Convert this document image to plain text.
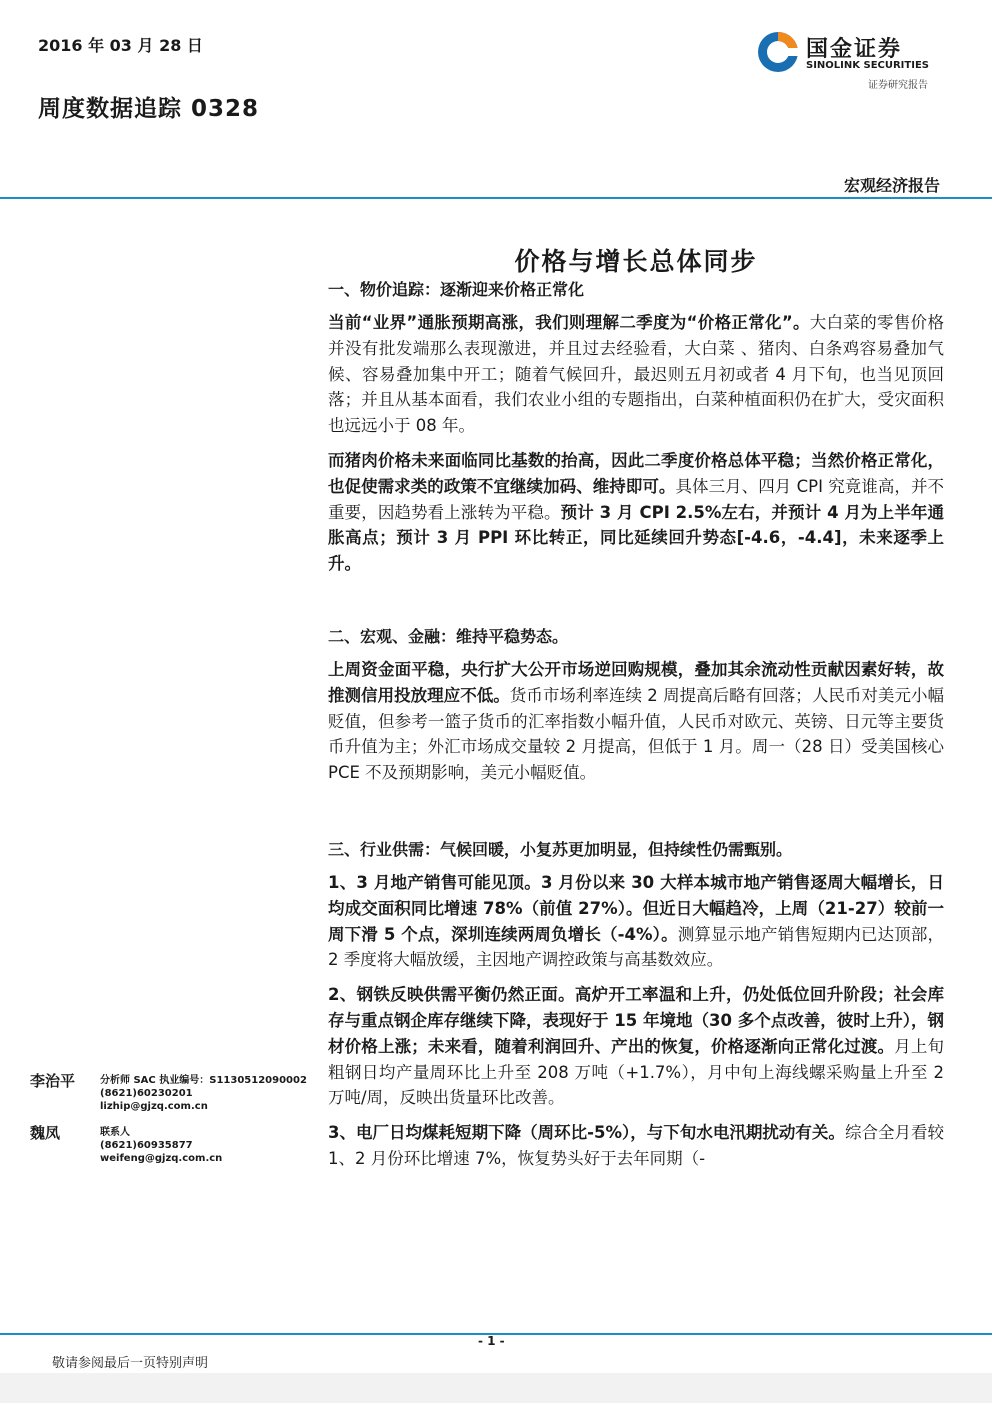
2016 年 03 月 28 日
周度数据追踪 0328
国金证券
SINOLINK SECURITIES
证券研究报告
宏观经济报告
价格与增长总体同步
一、物价追踪：逐渐迎来价格正常化

当前“业界”通胀预期高涨，我们则理解二季度为“价格正常化”。大白菜的零售价格并没有批发端那么表现激进，并且过去经验看，大白菜 、猪肉、白条鸡容易叠加气候、容易叠加集中开工；随着气候回升，最迟则五月初或者 4 月下旬，也当见顶回落；并且从基本面看，我们农业小组的专题指出，白菜种植面积仍在扩大，受灾面积也远远小于 08 年。

而猪肉价格未来面临同比基数的抬高，因此二季度价格总体平稳；当然价格正常化，也促使需求类的政策不宜继续加码、维持即可。具体三月、四月 CPI 究竟谁高，并不重要，因趋势看上涨转为平稳。预计 3 月 CPI 2.5%左右，并预计 4 月为上半年通胀高点；预计 3 月 PPI 环比转正，同比延续回升势态[-4.6，-4.4]，未来逐季上升。

二、宏观、金融：维持平稳势态。

上周资金面平稳，央行扩大公开市场逆回购规模，叠加其余流动性贡献因素好转，故推测信用投放理应不低。货币市场利率连续 2 周提高后略有回落；人民币对美元小幅贬值，但参考一篮子货币的汇率指数小幅升值，人民币对欧元、英镑、日元等主要货币升值为主；外汇市场成交量较 2 月提高，但低于 1 月。周一（28 日）受美国核心 PCE 不及预期影响，美元小幅贬值。

三、行业供需：气候回暖，小复苏更加明显，但持续性仍需甄别。

1、3 月地产销售可能见顶。3 月份以来 30 大样本城市地产销售逐周大幅增长，日均成交面积同比增速 78%（前值 27%）。但近日大幅趋冷，上周（21-27）较前一周下滑 5 个点，深圳连续两周负增长（-4%）。测算显示地产销售短期内已达顶部，2 季度将大幅放缓，主因地产调控政策与高基数效应。

2、钢铁反映供需平衡仍然正面。高炉开工率温和上升，仍处低位回升阶段；社会库存与重点钢企库存继续下降，表现好于 15 年境地（30 多个点改善，彼时上升），钢材价格上涨；未来看，随着利润回升、产出的恢复，价格逐渐向正常化过渡。月上旬粗钢日均产量周环比上升至 208 万吨（+1.7%），月中旬上海线螺采购量上升至 2 万吨/周，反映出货量环比改善。

3、电厂日均煤耗短期下降（周环比-5%），与下旬水电汛期扰动有关。综合全月看较 1、2 月份环比增速 7%，恢复势头好于去年同期（-

李治平 分析师 SAC 执业编号：S1130512090002
(8621)60230201
lizhip@gjzq.com.cn
魏凤	联系人
(8621)60935877
weifeng@gjzq.com.cn
- 1 -
敬请参阅最后一页特别声明
